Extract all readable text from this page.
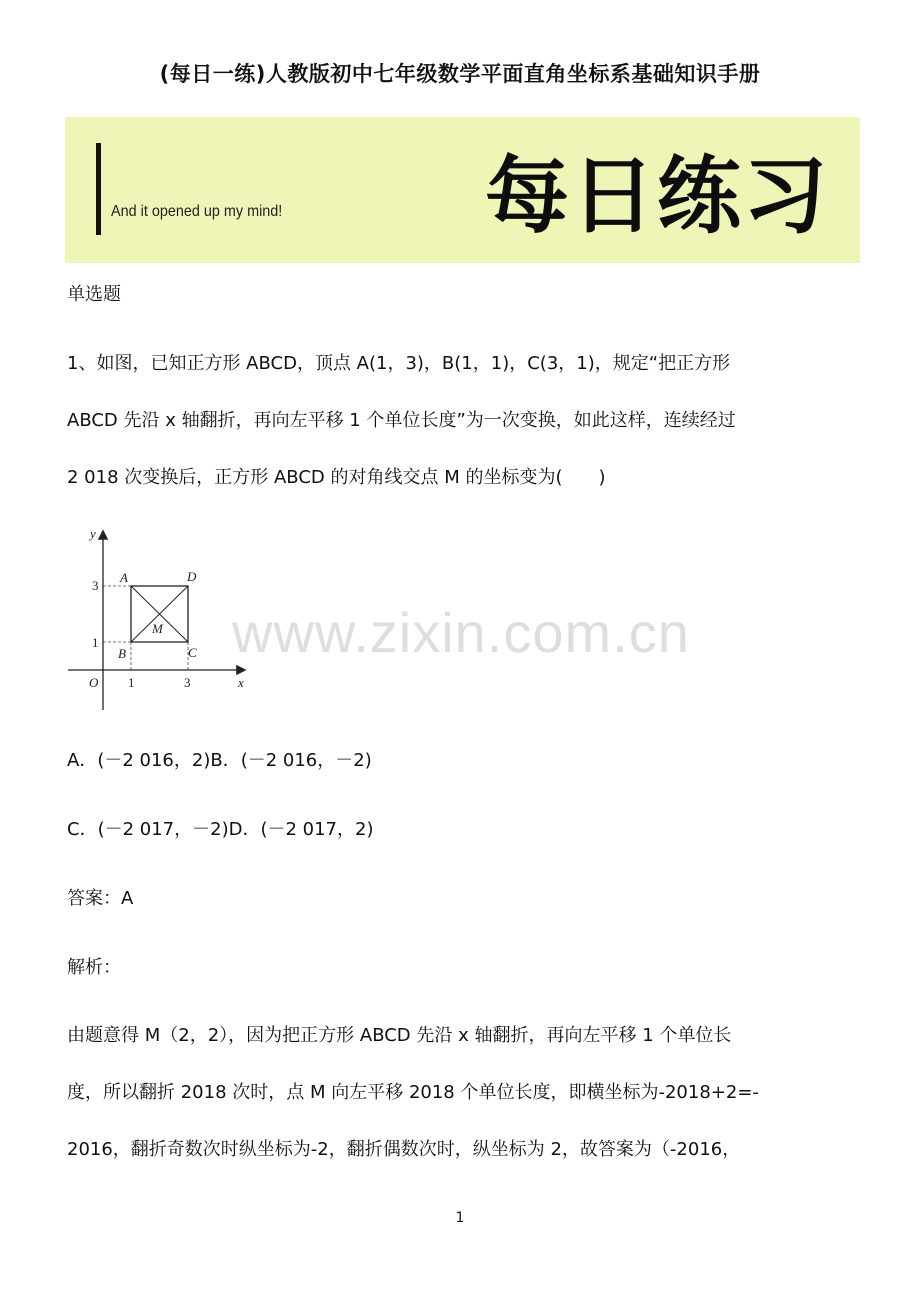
(每日一练)人教版初中七年级数学平面直角坐标系基础知识手册
And it opened up my mind! 每日练习
单选题
1、如图，已知正方形 ABCD，顶点 A(1，3)，B(1，1)，C(3，1)，规定“把正方形
ABCD 先沿 x 轴翻折，再向左平移 1 个单位长度”为一次变换，如此这样，连续经过
2 018 次变换后，正方形 ABCD 的对角线交点 M 的坐标变为(　　)
y
x
O 1	3
3
1
A	D
B	C
M www.zixin.com.cn
A．(－2 016，2)B．(－2 016，－2)
C．(－2 017，－2)D．(－2 017，2)
答案：A
解析：
由题意得 M（2，2），因为把正方形 ABCD 先沿 x 轴翻折，再向左平移 1 个单位长
度，所以翻折 2018 次时，点 M 向左平移 2018 个单位长度，即横坐标为-2018+2=-
2016，翻折奇数次时纵坐标为-2，翻折偶数次时，纵坐标为 2，故答案为（-2016，
1
